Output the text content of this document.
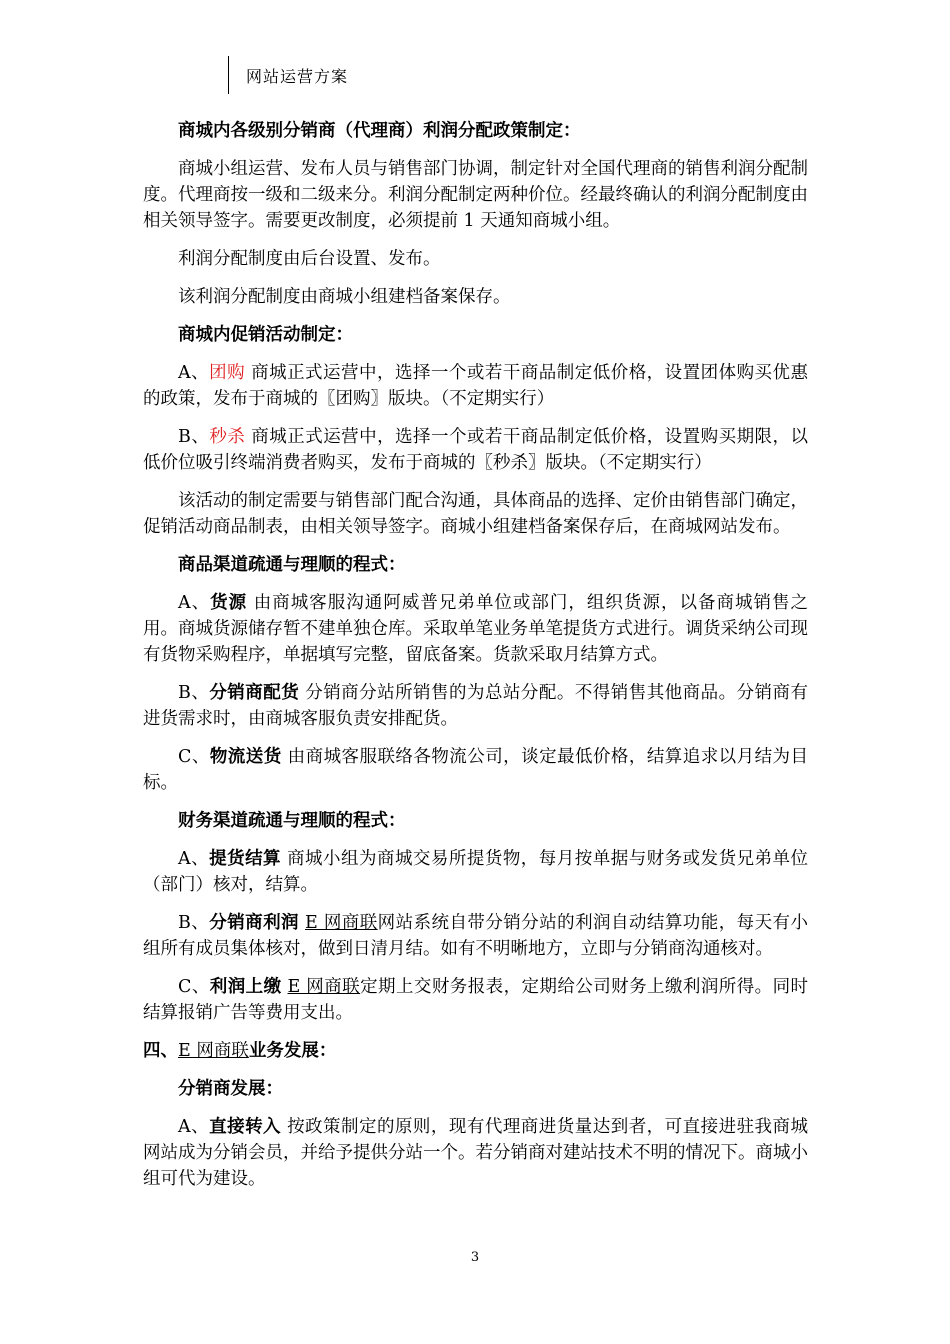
网站运营方案

商城内各级别分销商（代理商）利润分配政策制定：

商城小组运营、发布人员与销售部门协调，制定针对全国代理商的销售利润分配制度。代理商按一级和二级来分。利润分配制定两种价位。经最终确认的利润分配制度由相关领导签字。需要更改制度，必须提前 1 天通知商城小组。

利润分配制度由后台设置、发布。

该利润分配制度由商城小组建档备案保存。

商城内促销活动制定：

A、团购 商城正式运营中，选择一个或若干商品制定低价格，设置团体购买优惠的政策，发布于商城的〖团购〗版块。（不定期实行）

B、秒杀 商城正式运营中，选择一个或若干商品制定低价格，设置购买期限，以低价位吸引终端消费者购买，发布于商城的〖秒杀〗版块。（不定期实行）

该活动的制定需要与销售部门配合沟通，具体商品的选择、定价由销售部门确定，促销活动商品制表，由相关领导签字。商城小组建档备案保存后，在商城网站发布。

商品渠道疏通与理顺的程式：

A、货源 由商城客服沟通阿威普兄弟单位或部门，组织货源，以备商城销售之用。商城货源储存暂不建单独仓库。采取单笔业务单笔提货方式进行。调货采纳公司现有货物采购程序，单据填写完整，留底备案。货款采取月结算方式。

B、分销商配货 分销商分站所销售的为总站分配。不得销售其他商品。分销商有进货需求时，由商城客服负责安排配货。

C、物流送货 由商城客服联络各物流公司，谈定最低价格，结算追求以月结为目标。

财务渠道疏通与理顺的程式：

A、提货结算 商城小组为商城交易所提货物，每月按单据与财务或发货兄弟单位（部门）核对，结算。

B、分销商利润 E 网商联网站系统自带分销分站的利润自动结算功能，每天有小组所有成员集体核对，做到日清月结。如有不明晰地方，立即与分销商沟通核对。

C、利润上缴 E 网商联定期上交财务报表，定期给公司财务上缴利润所得。同时结算报销广告等费用支出。

四、E 网商联业务发展：

分销商发展：

A、直接转入 按政策制定的原则，现有代理商进货量达到者，可直接进驻我商城网站成为分销会员，并给予提供分站一个。若分销商对建站技术不明的情况下。商城小组可代为建设。

3
